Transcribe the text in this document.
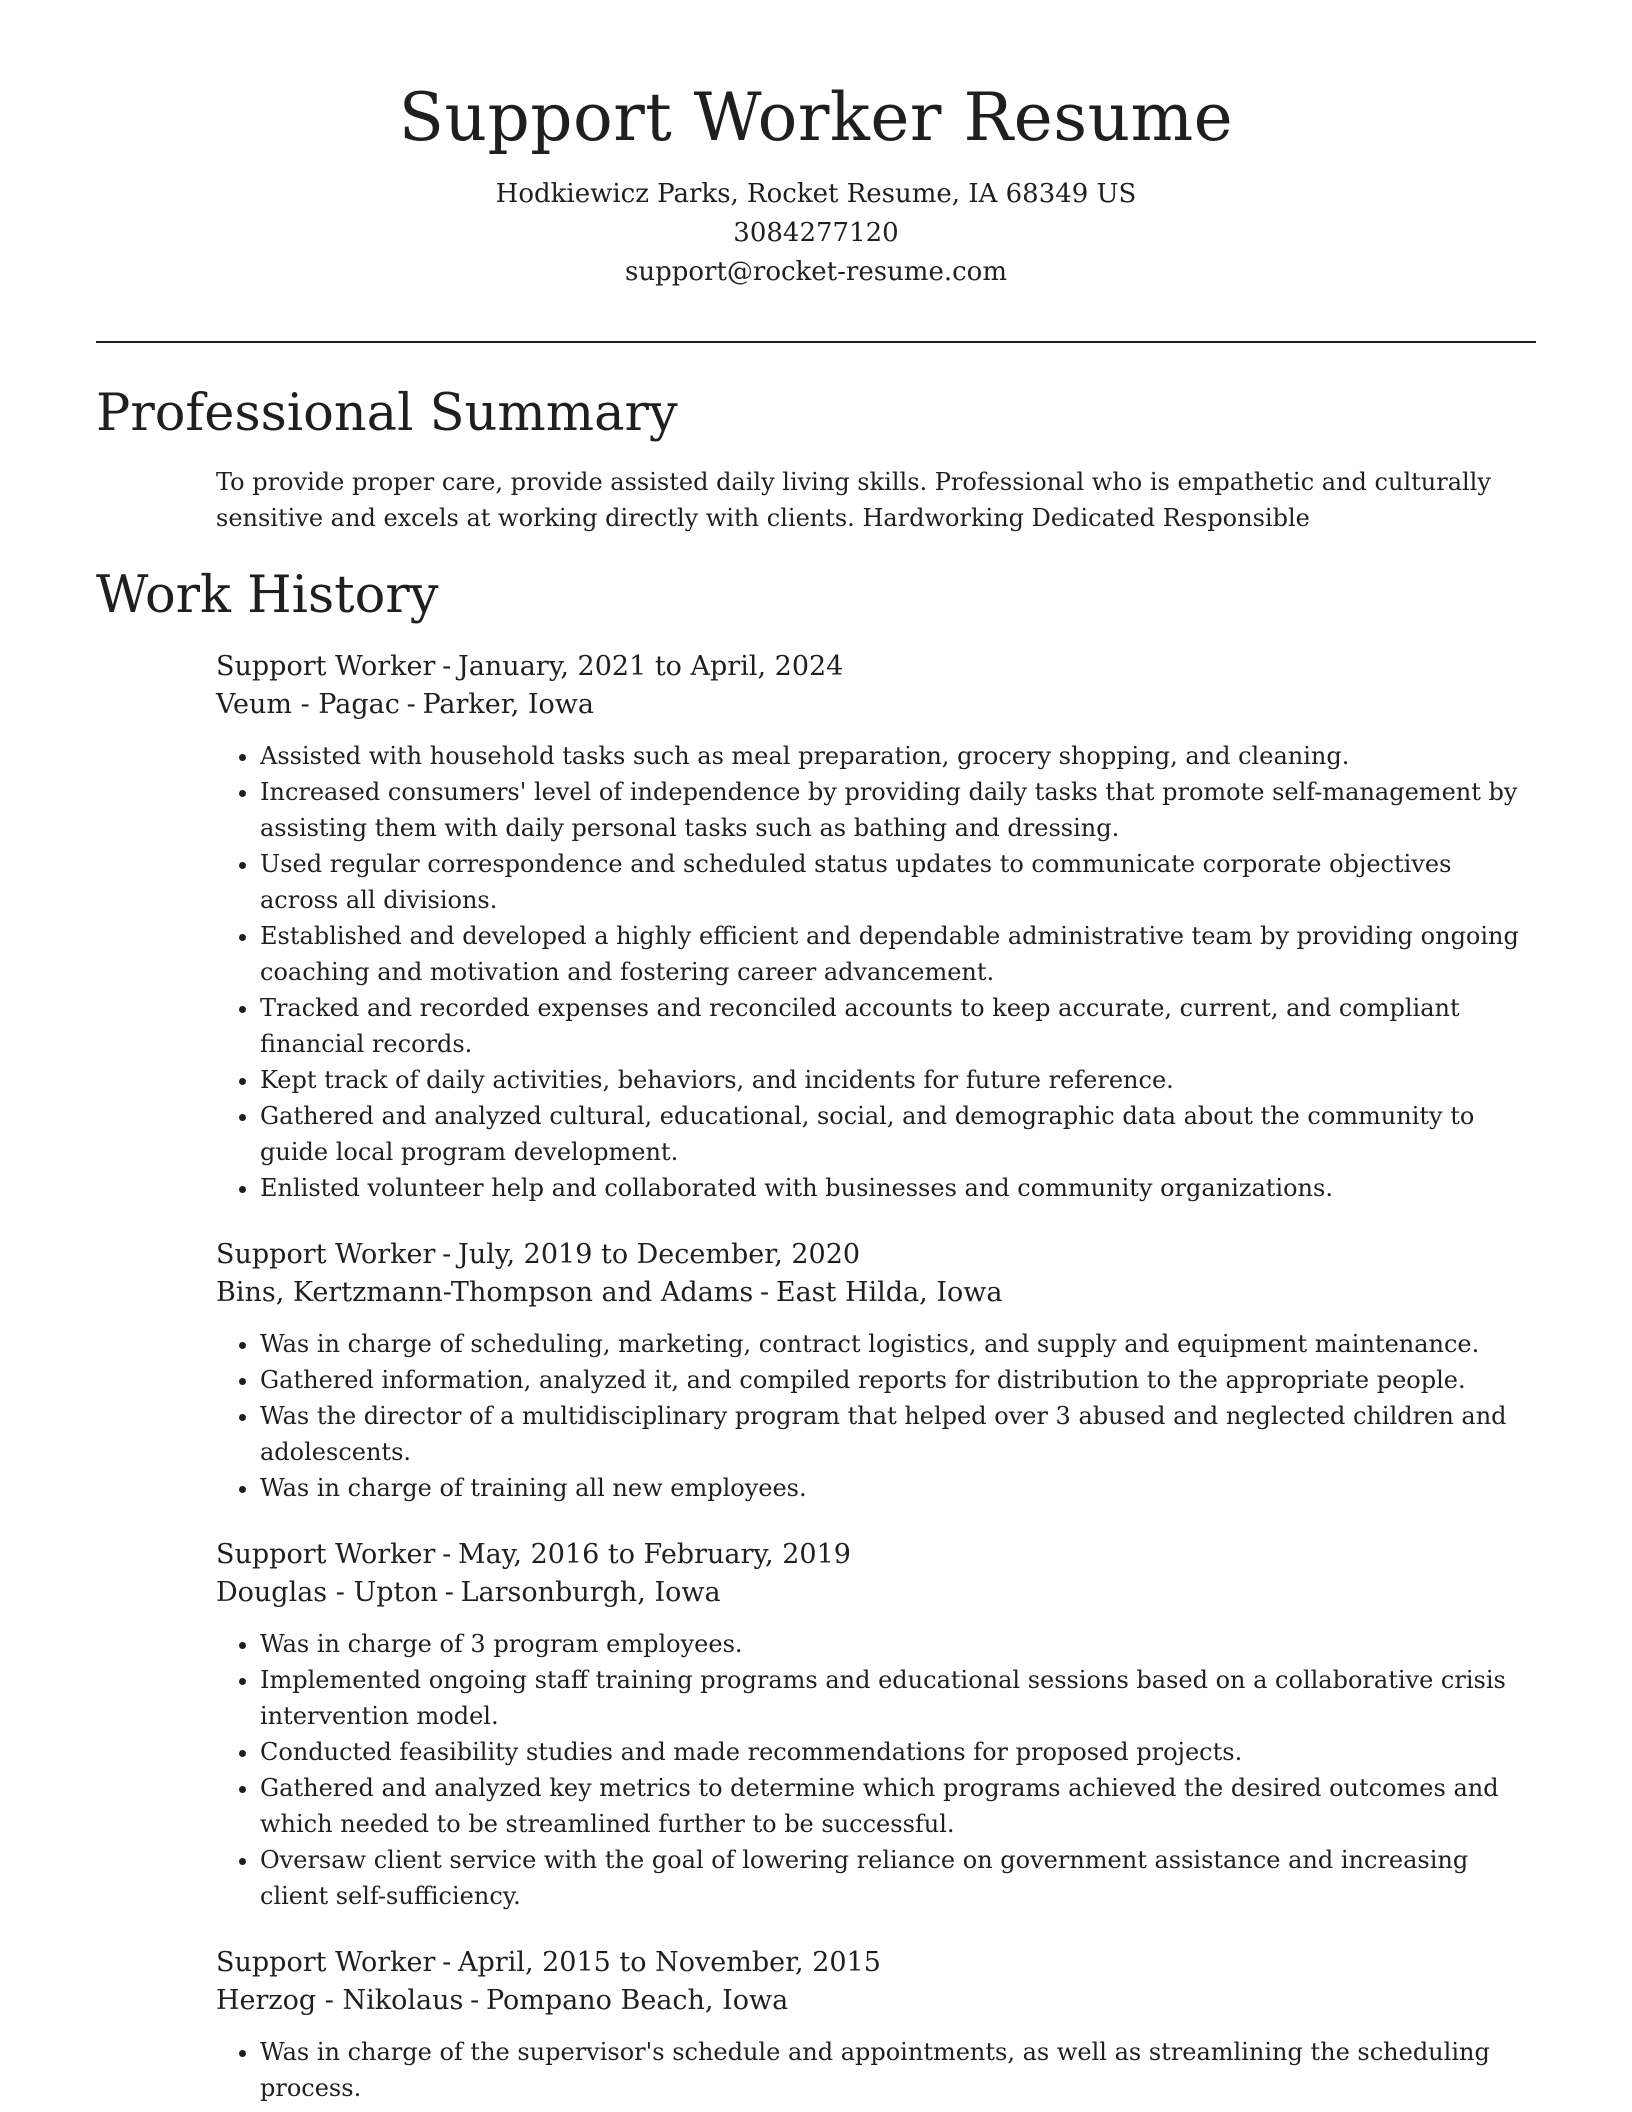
Support Worker Resume
Hodkiewicz Parks, Rocket Resume, IA 68349 US
3084277120
support@rocket-resume.com
Professional Summary

To provide proper care, provide assisted daily living skills. Professional who is empathetic and culturally sensitive and excels at working directly with clients. Hardworking Dedicated Responsible

Work History
Support Worker - January, 2021 to April, 2024
Veum - Pagac - Parker, Iowa
• Assisted with household tasks such as meal preparation, grocery shopping, and cleaning.
• Increased consumers' level of independence by providing daily tasks that promote self-management by assisting them with daily personal tasks such as bathing and dressing.
• Used regular correspondence and scheduled status updates to communicate corporate objectives across all divisions.
• Established and developed a highly efficient and dependable administrative team by providing ongoing coaching and motivation and fostering career advancement.
• Tracked and recorded expenses and reconciled accounts to keep accurate, current, and compliant financial records.
• Kept track of daily activities, behaviors, and incidents for future reference.
• Gathered and analyzed cultural, educational, social, and demographic data about the community to guide local program development.
• Enlisted volunteer help and collaborated with businesses and community organizations.
Support Worker - July, 2019 to December, 2020
Bins, Kertzmann-Thompson and Adams - East Hilda, Iowa
• Was in charge of scheduling, marketing, contract logistics, and supply and equipment maintenance.
• Gathered information, analyzed it, and compiled reports for distribution to the appropriate people.
• Was the director of a multidisciplinary program that helped over 3 abused and neglected children and adolescents.
• Was in charge of training all new employees.
Support Worker - May, 2016 to February, 2019
Douglas - Upton - Larsonburgh, Iowa
• Was in charge of 3 program employees.
• Implemented ongoing staff training programs and educational sessions based on a collaborative crisis intervention model.
• Conducted feasibility studies and made recommendations for proposed projects.
• Gathered and analyzed key metrics to determine which programs achieved the desired outcomes and which needed to be streamlined further to be successful.
• Oversaw client service with the goal of lowering reliance on government assistance and increasing client self-sufficiency.
Support Worker - April, 2015 to November, 2015
Herzog - Nikolaus - Pompano Beach, Iowa
• Was in charge of the supervisor's schedule and appointments, as well as streamlining the scheduling process.
